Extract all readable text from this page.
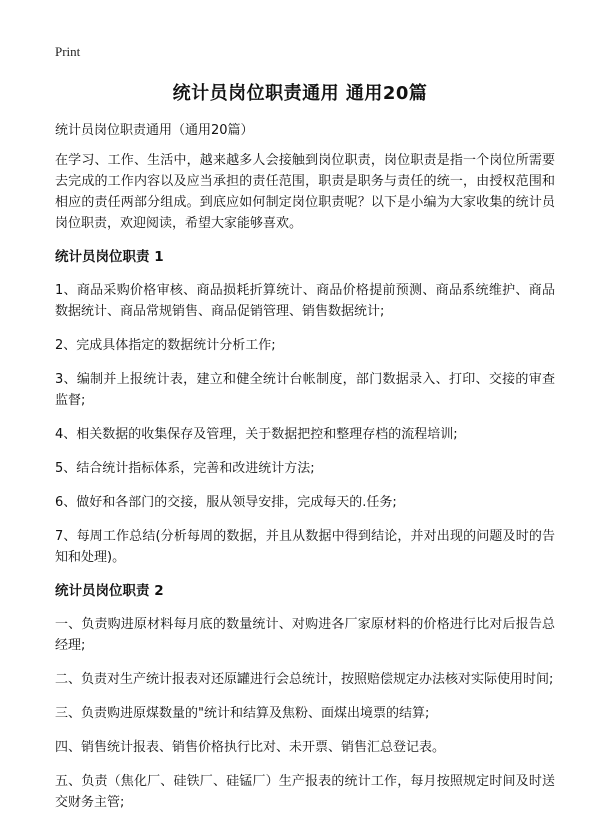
Print
统计员岗位职责通用 通用20篇

统计员岗位职责通用（通用20篇）

在学习、工作、生活中，越来越多人会接触到岗位职责，岗位职责是指一个岗位所需要去完成的工作内容以及应当承担的责任范围，职责是职务与责任的统一，由授权范围和相应的责任两部分组成。到底应如何制定岗位职责呢？以下是小编为大家收集的统计员岗位职责，欢迎阅读，希望大家能够喜欢。

统计员岗位职责 1

1、商品采购价格审核、商品损耗折算统计、商品价格提前预测、商品系统维护、商品数据统计、商品常规销售、商品促销管理、销售数据统计;

2、完成具体指定的数据统计分析工作;

3、编制并上报统计表，建立和健全统计台帐制度，部门数据录入、打印、交接的审查监督;

4、相关数据的收集保存及管理，关于数据把控和整理存档的流程培训;

5、结合统计指标体系，完善和改进统计方法;

6、做好和各部门的交接，服从领导安排，完成每天的.任务;

7、每周工作总结(分析每周的数据，并且从数据中得到结论，并对出现的问题及时的告知和处理)。

统计员岗位职责 2

一、负责购进原材料每月底的数量统计、对购进各厂家原材料的价格进行比对后报告总经理;

二、负责对生产统计报表对还原罐进行会总统计，按照赔偿规定办法核对实际使用时间;

三、负责购进原煤数量的"统计和结算及焦粉、面煤出境票的结算;

四、销售统计报表、销售价格执行比对、未开票、销售汇总登记表。

五、负责（焦化厂、硅铁厂、硅锰厂）生产报表的统计工作，每月按照规定时间及时送交财务主管;
